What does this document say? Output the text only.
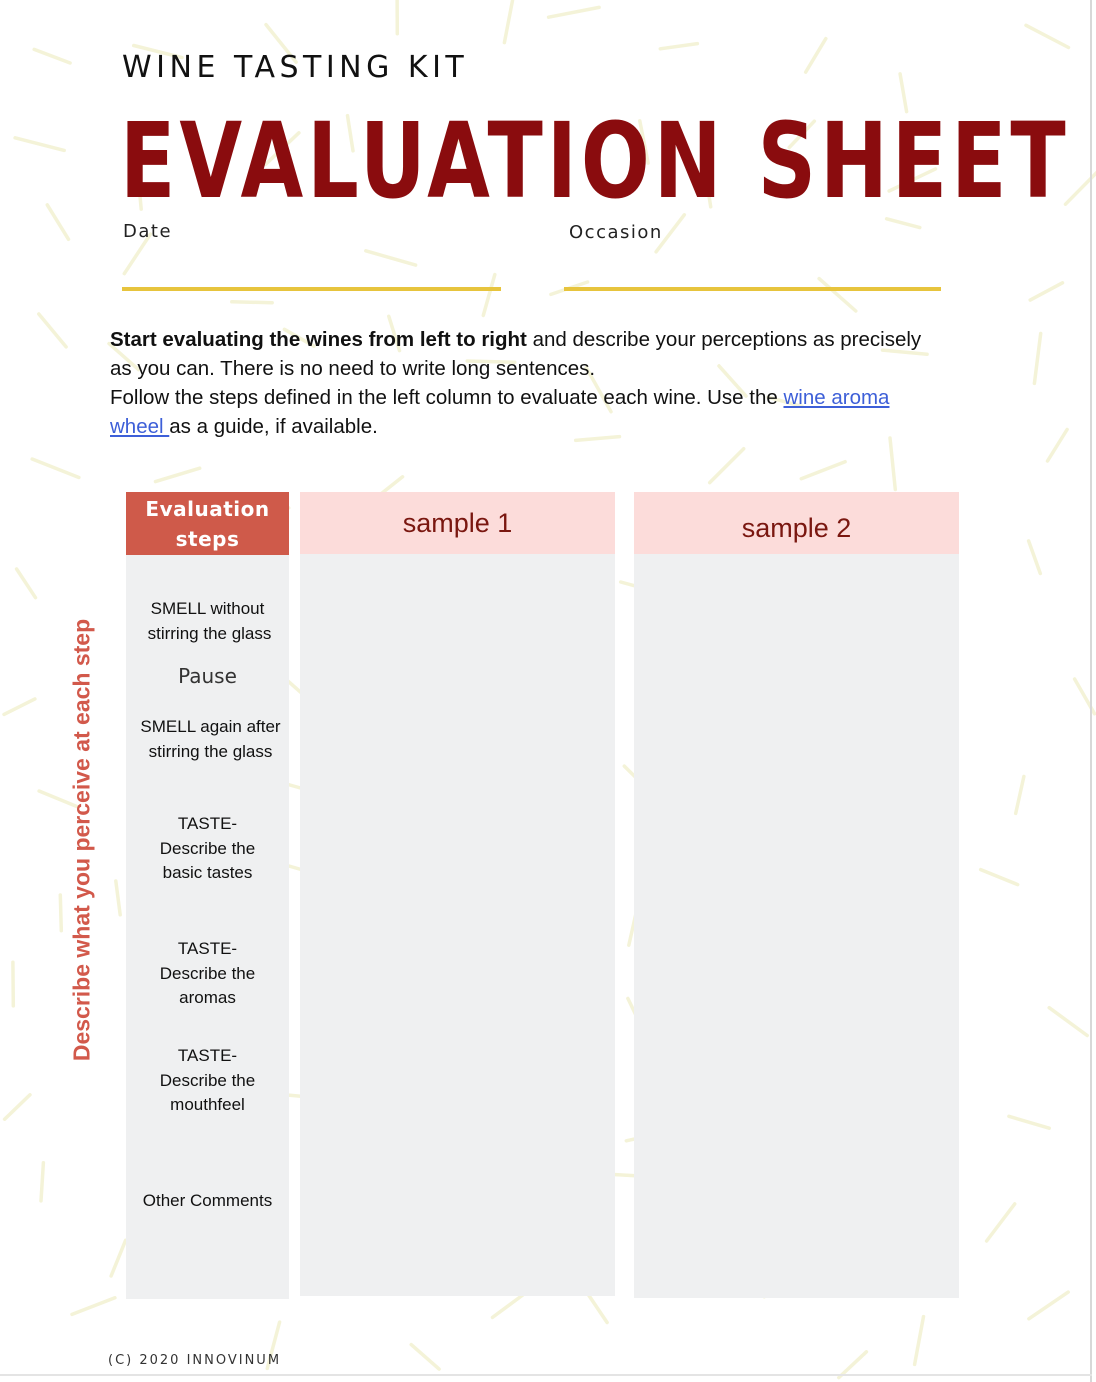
WINE TASTING KIT
EVALUATION SHEET
Date	Occasion
Start evaluating the wines from left to right and describe your perceptions as precisely as you can. There is no need to write long sentences.
Follow the steps defined in the left column to evaluate each wine. Use the wine aroma wheel as a guide, if available.
Evaluation
steps
sample 1	sample 2
SMELL without
stirring the glass
Pause
SMELL again after
stirring the glass
TASTE-
Describe the
basic tastes
TASTE-
Describe the
aromas
TASTE-
Describe the
mouthfeel
Other Comments
Describe what you perceive at each step
(C) 2020 INNOVINUM
